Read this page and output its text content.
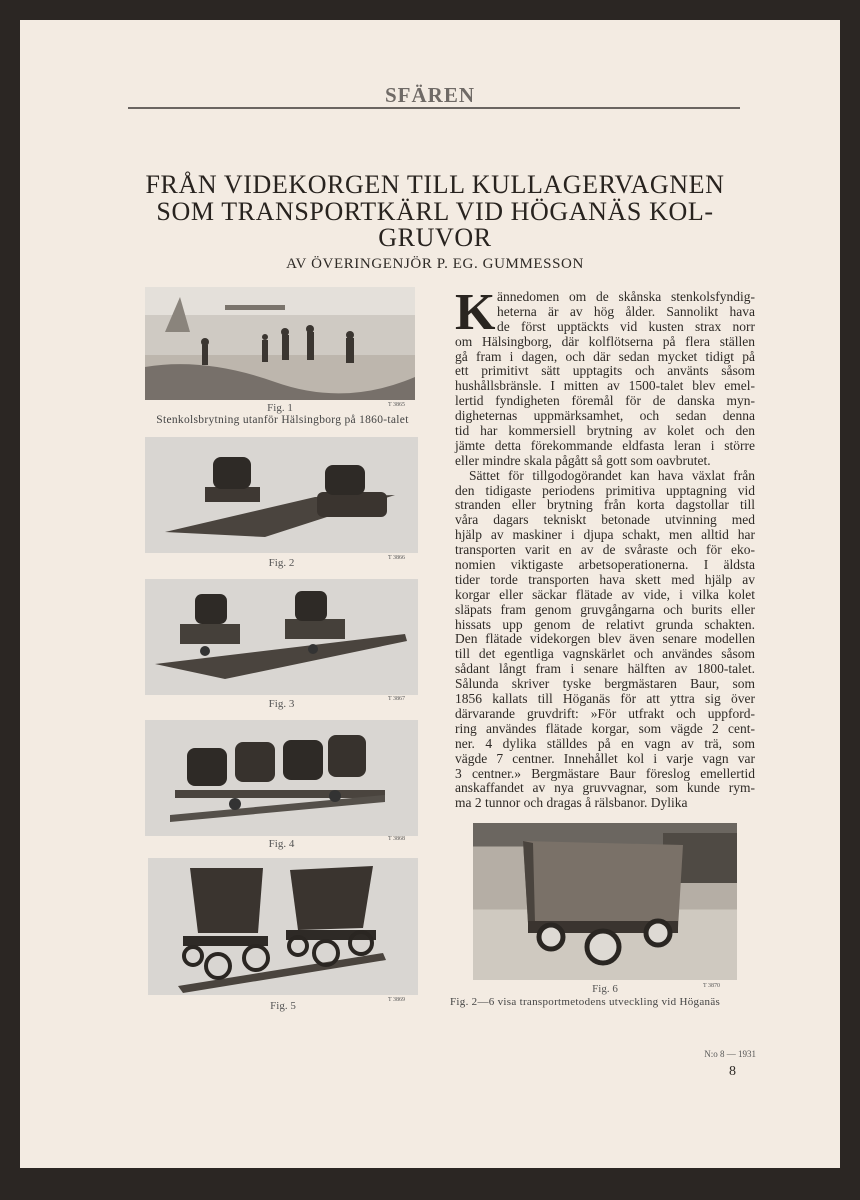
SFÄREN
FRÅN VIDEKORGEN TILL KULLAGERVAGNEN
SOM TRANSPORTKÄRL VID HÖGANÄS KOL-
GRUVOR
AV ÖVERINGENJÖR P. EG. GUMMESSON
Fig. 1	T 3865
Stenkolsbrytning utanför Hälsingborg på 1860-talet
Fig. 2	T 3866
Fig. 3	T 3867
Fig. 4	T 3868
Fig. 5	T 3869
K ännedomen om de skånska stenkolsfyndig-
heterna är av hög ålder. Sannolikt hava
de först upptäckts vid kusten strax norr
om Hälsingborg, där kolflötserna på flera ställen
gå fram i dagen, och där sedan mycket tidigt på
ett primitivt sätt upptagits och använts såsom
hushållsbränsle. I mitten av 1500-talet blev emel-
lertid fyndigheten föremål för de danska myn-
digheternas uppmärksamhet, och sedan denna
tid har kommersiell brytning av kolet och den
jämte detta förekommande eldfasta leran i större
eller mindre skala pågått så gott som oavbrutet.
Sättet för tillgodogörandet kan hava växlat från
den tidigaste periodens primitiva upptagning vid
stranden eller brytning från korta dagstollar till
våra dagars tekniskt betonade utvinning med
hjälp av maskiner i djupa schakt, men alltid har
transporten varit en av de svåraste och för eko-
nomien viktigaste arbetsoperationerna. I äldsta
tider torde transporten hava skett med hjälp av
korgar eller säckar flätade av vide, i vilka kolet
släpats fram genom gruvgångarna och burits eller
hissats upp genom de relativt grunda schakten.
Den flätade videkorgen blev även senare modellen
till det egentliga vagnskärlet och användes såsom
sådant långt fram i senare hälften av 1800-talet.
Sålunda skriver tyske bergmästaren Baur, som
1856 kallats till Höganäs för att yttra sig över
därvarande gruvdrift: »För utfrakt och uppford-
ring användes flätade korgar, som vägde 2 cent-
ner. 4 dylika ställdes på en vagn av trä, som
vägde 7 centner. Innehållet kol i varje vagn var
3 centner.» Bergmästare Baur föreslog emellertid
anskaffandet av nya gruvvagnar, som kunde rym-
ma 2 tunnor och dragas å rälsbanor. Dylika
Fig. 6	T 3870
Fig. 2—6 visa transportmetodens utveckling vid Höganäs
N:o 8 — 1931
8
